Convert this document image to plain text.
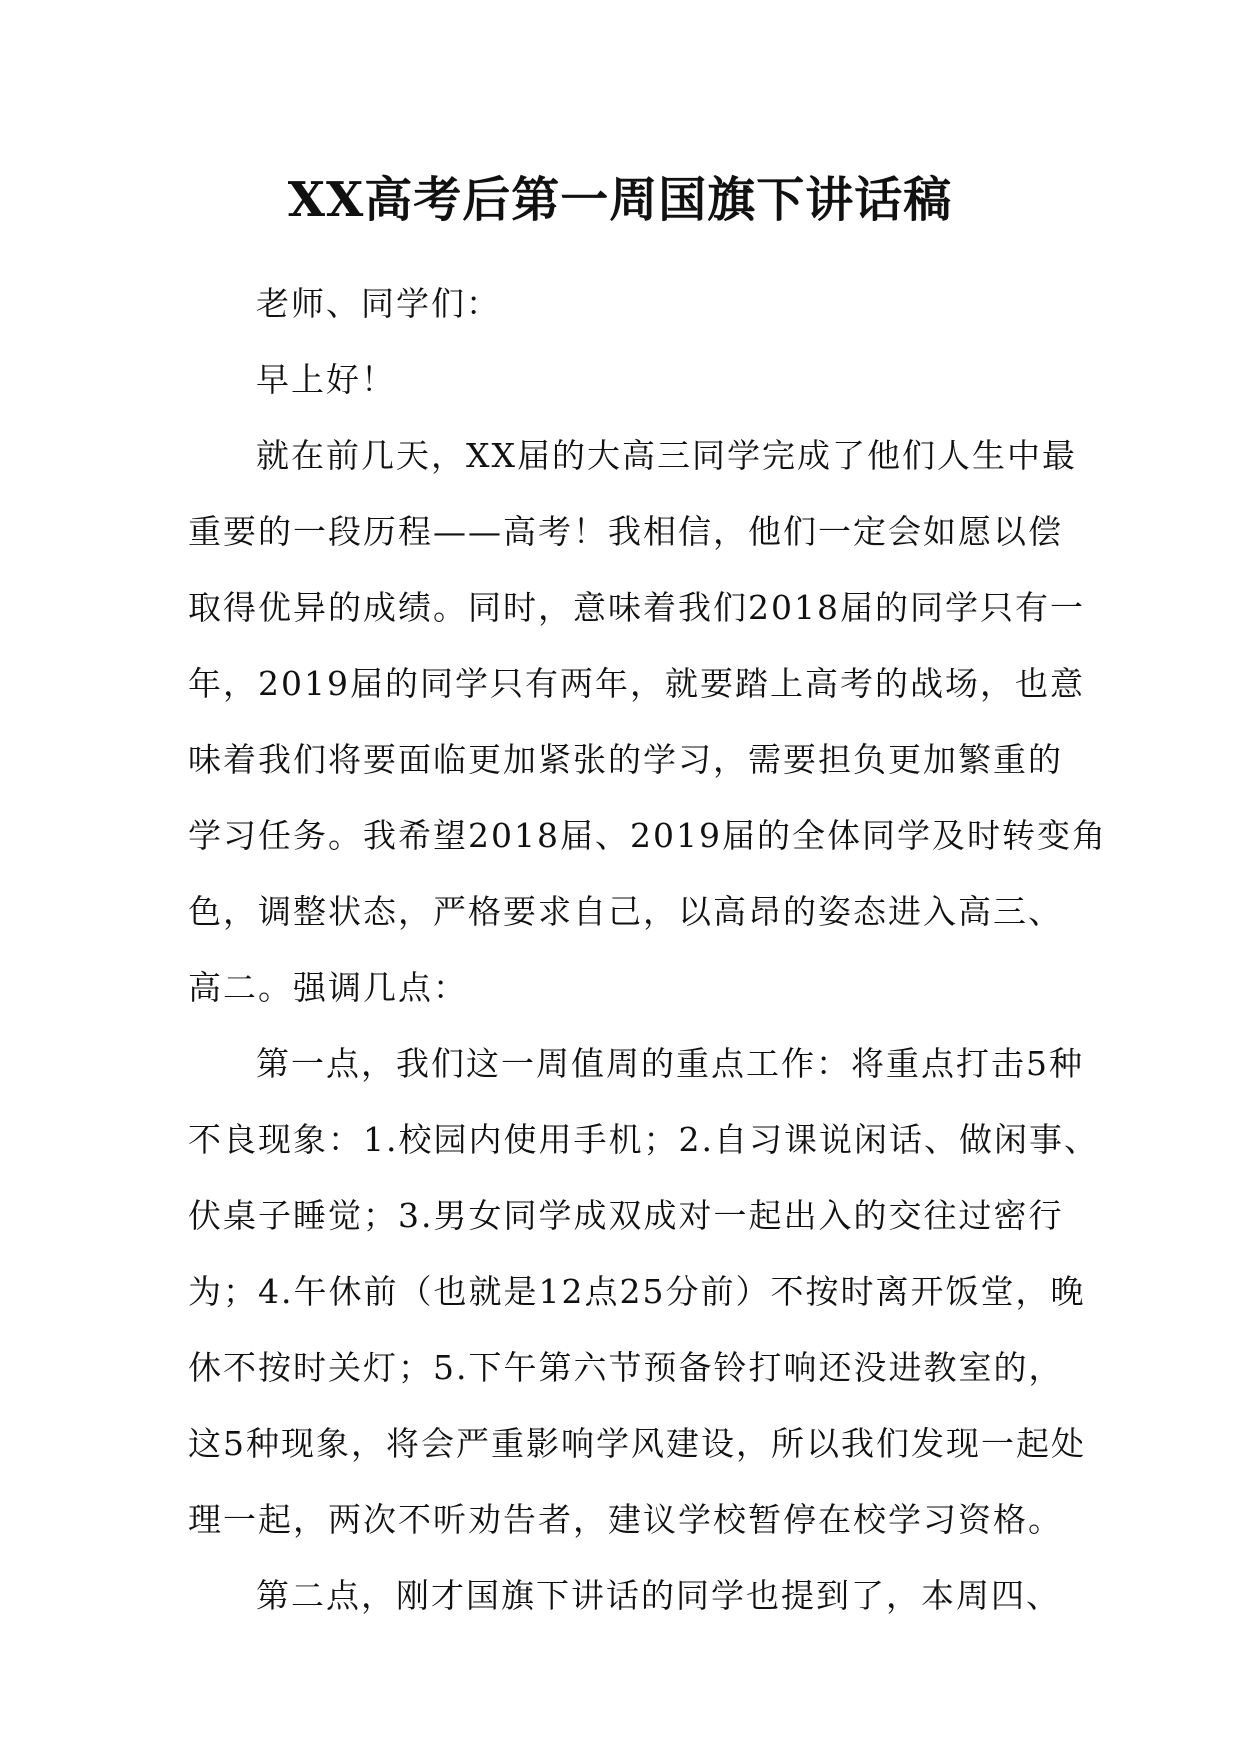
XX高考后第一周国旗下讲话稿

老师、同学们：

早上好！

就在前几天，XX届的大高三同学完成了他们人生中最
重要的一段历程——高考！我相信，他们一定会如愿以偿
取得优异的成绩。同时，意味着我们2018届的同学只有一
年，2019届的同学只有两年，就要踏上高考的战场，也意
味着我们将要面临更加紧张的学习，需要担负更加繁重的
学习任务。我希望2018届、2019届的全体同学及时转变角
色，调整状态，严格要求自己，以高昂的姿态进入高三、
高二。强调几点：

第一点，我们这一周值周的重点工作：将重点打击5种
不良现象：1.校园内使用手机；2.自习课说闲话、做闲事、
伏桌子睡觉；3.男女同学成双成对一起出入的交往过密行
为；4.午休前（也就是12点25分前）不按时离开饭堂，晚
休不按时关灯；5.下午第六节预备铃打响还没进教室的，
这5种现象，将会严重影响学风建设，所以我们发现一起处
理一起，两次不听劝告者，建议学校暂停在校学习资格。

第二点，刚才国旗下讲话的同学也提到了，本周四、
